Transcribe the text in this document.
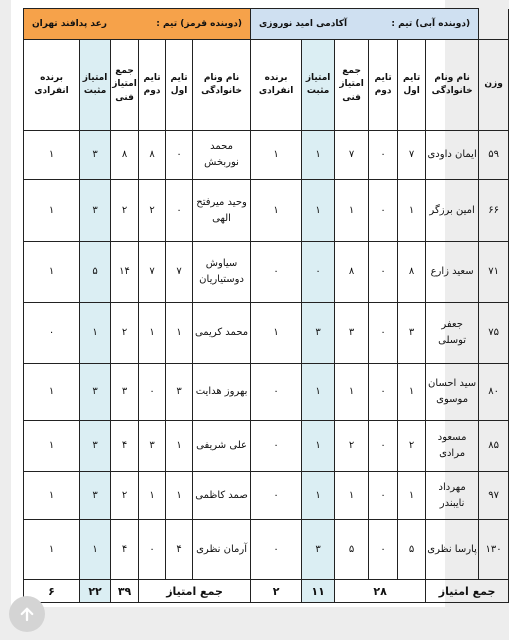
	(دوبنده آبی) تیم :
آکادمی امید نوروزی						(دوبنده قرمز) تیم :
رعد پدافند تهران					

وزن	نام ونام خانوادگی	تایم اول	تایم دوم	جمع امتیاز فنی	امتیاز مثبت	برنده انفرادی	نام ونام خانوادگی	تایم اول	تایم دوم	جمع امتیاز فنی	امتیاز مثبت	برنده انفرادی
۵۹	ایمان داودی	۷	۰	۷	۱	۱	محمد نوربخش	۰	۸	۸	۳	۱
۶۶	امین برزگر	۱	۰	۱	۱	۱	وحید میرفتح الهی	۰	۲	۲	۳	۱
۷۱	سعید زارع	۸	۰	۸	۰	۰	سیاوش دوستیاریان	۷	۷	۱۴	۵	۱
۷۵	جعفر توسلی	۳	۰	۳	۳	۱	محمد کریمی	۱	۱	۲	۱	۰
۸۰	سید احسان موسوی	۱	۰	۱	۱	۰	بهروز هدایت	۳	۰	۳	۳	۱
۸۵	مسعود مرادی	۲	۰	۲	۱	۰	علی شریفی	۱	۳	۴	۳	۱
۹۷	مهرداد نایبندر	۱	۰	۱	۱	۰	صمد کاظمی	۱	۱	۲	۳	۱
۱۳۰	پارسا نظری	۵	۰	۵	۳	۰	آرمان نظری	۴	۰	۴	۱	۱
جمع امتیاز		۲۸			۱۱	۲	جمع امتیاز			۳۹	۲۲	۶
